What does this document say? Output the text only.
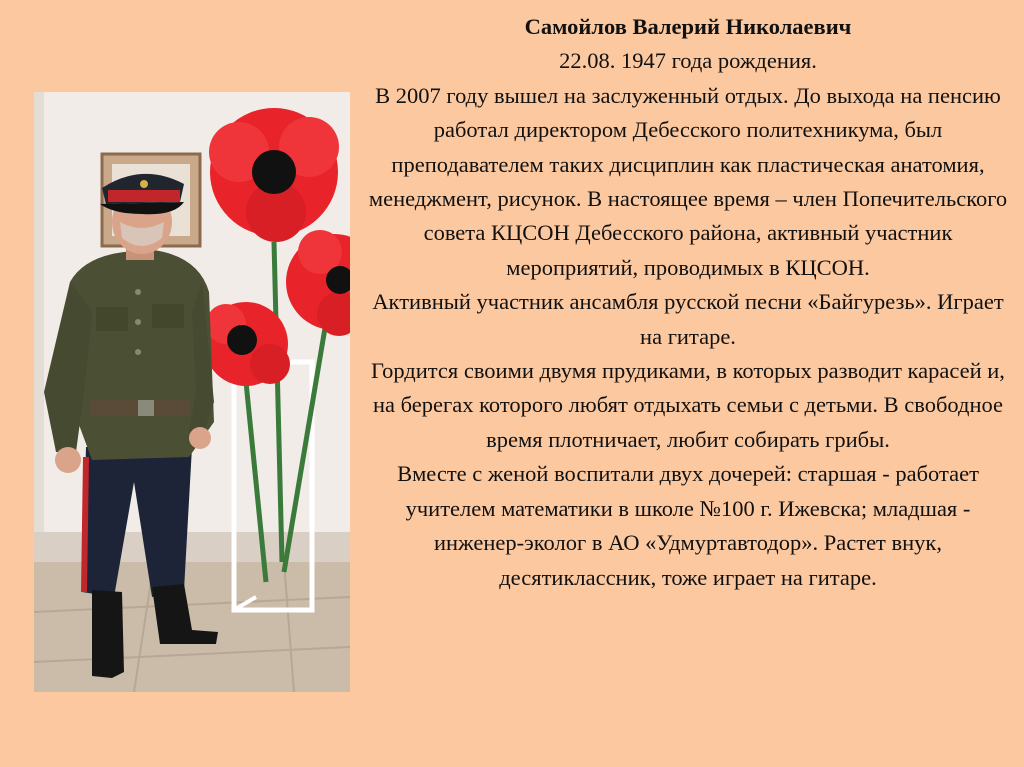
Самойлов Валерий Николаевич

22.08. 1947 года рождения.

В 2007 году вышел на заслуженный отдых. До выхода на пенсию работал директором Дебесского политехникума, был преподавателем таких дисциплин как пластическая анатомия, менеджмент, рисунок. В настоящее время – член Попечительского совета КЦСОН Дебесского района, активный участник мероприятий, проводимых в КЦСОН.

Активный участник ансамбля русской песни «Байгурезь». Играет на гитаре.

Гордится своими двумя прудиками, в которых разводит карасей и, на берегах которого любят отдыхать семьи с детьми. В свободное время плотничает, любит собирать грибы.

Вместе с женой воспитали двух дочерей: старшая - работает учителем математики в школе №100 г. Ижевска; младшая - инженер-эколог в АО «Удмуртавтодор». Растет внук, десятиклассник, тоже играет на гитаре.
